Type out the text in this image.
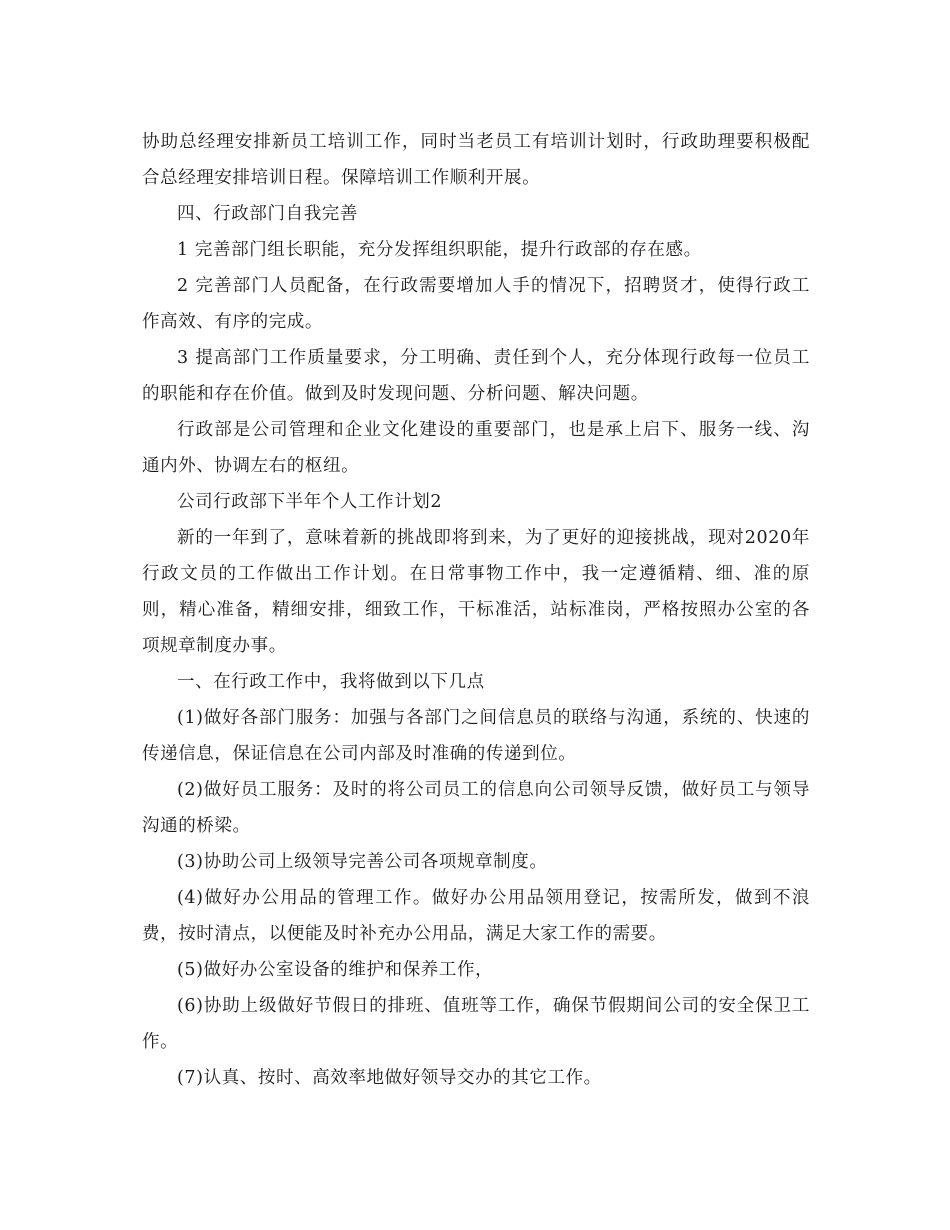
协助总经理安排新员工培训工作，同时当老员工有培训计划时，行政助理要积极配合总经理安排培训日程。保障培训工作顺利开展。

四、行政部门自我完善

1 完善部门组长职能，充分发挥组织职能，提升行政部的存在感。

2 完善部门人员配备，在行政需要增加人手的情况下，招聘贤才，使得行政工作高效、有序的完成。

3 提高部门工作质量要求，分工明确、责任到个人，充分体现行政每一位员工的职能和存在价值。做到及时发现问题、分析问题、解决问题。

行政部是公司管理和企业文化建设的重要部门，也是承上启下、服务一线、沟通内外、协调左右的枢纽。

公司行政部下半年个人工作计划2

新的一年到了，意味着新的挑战即将到来，为了更好的迎接挑战，现对2020年行政文员的工作做出工作计划。在日常事物工作中，我一定遵循精、细、准的原则，精心准备，精细安排，细致工作，干标准活，站标准岗，严格按照办公室的各项规章制度办事。

一、在行政工作中，我将做到以下几点

(1)做好各部门服务：加强与各部门之间信息员的联络与沟通，系统的、快速的传递信息，保证信息在公司内部及时准确的传递到位。

(2)做好员工服务：及时的将公司员工的信息向公司领导反馈，做好员工与领导沟通的桥梁。

(3)协助公司上级领导完善公司各项规章制度。

(4)做好办公用品的管理工作。做好办公用品领用登记，按需所发，做到不浪费，按时清点，以便能及时补充办公用品，满足大家工作的需要。

(5)做好办公室设备的维护和保养工作，

(6)协助上级做好节假日的排班、值班等工作，确保节假期间公司的安全保卫工作。

(7)认真、按时、高效率地做好领导交办的其它工作。
